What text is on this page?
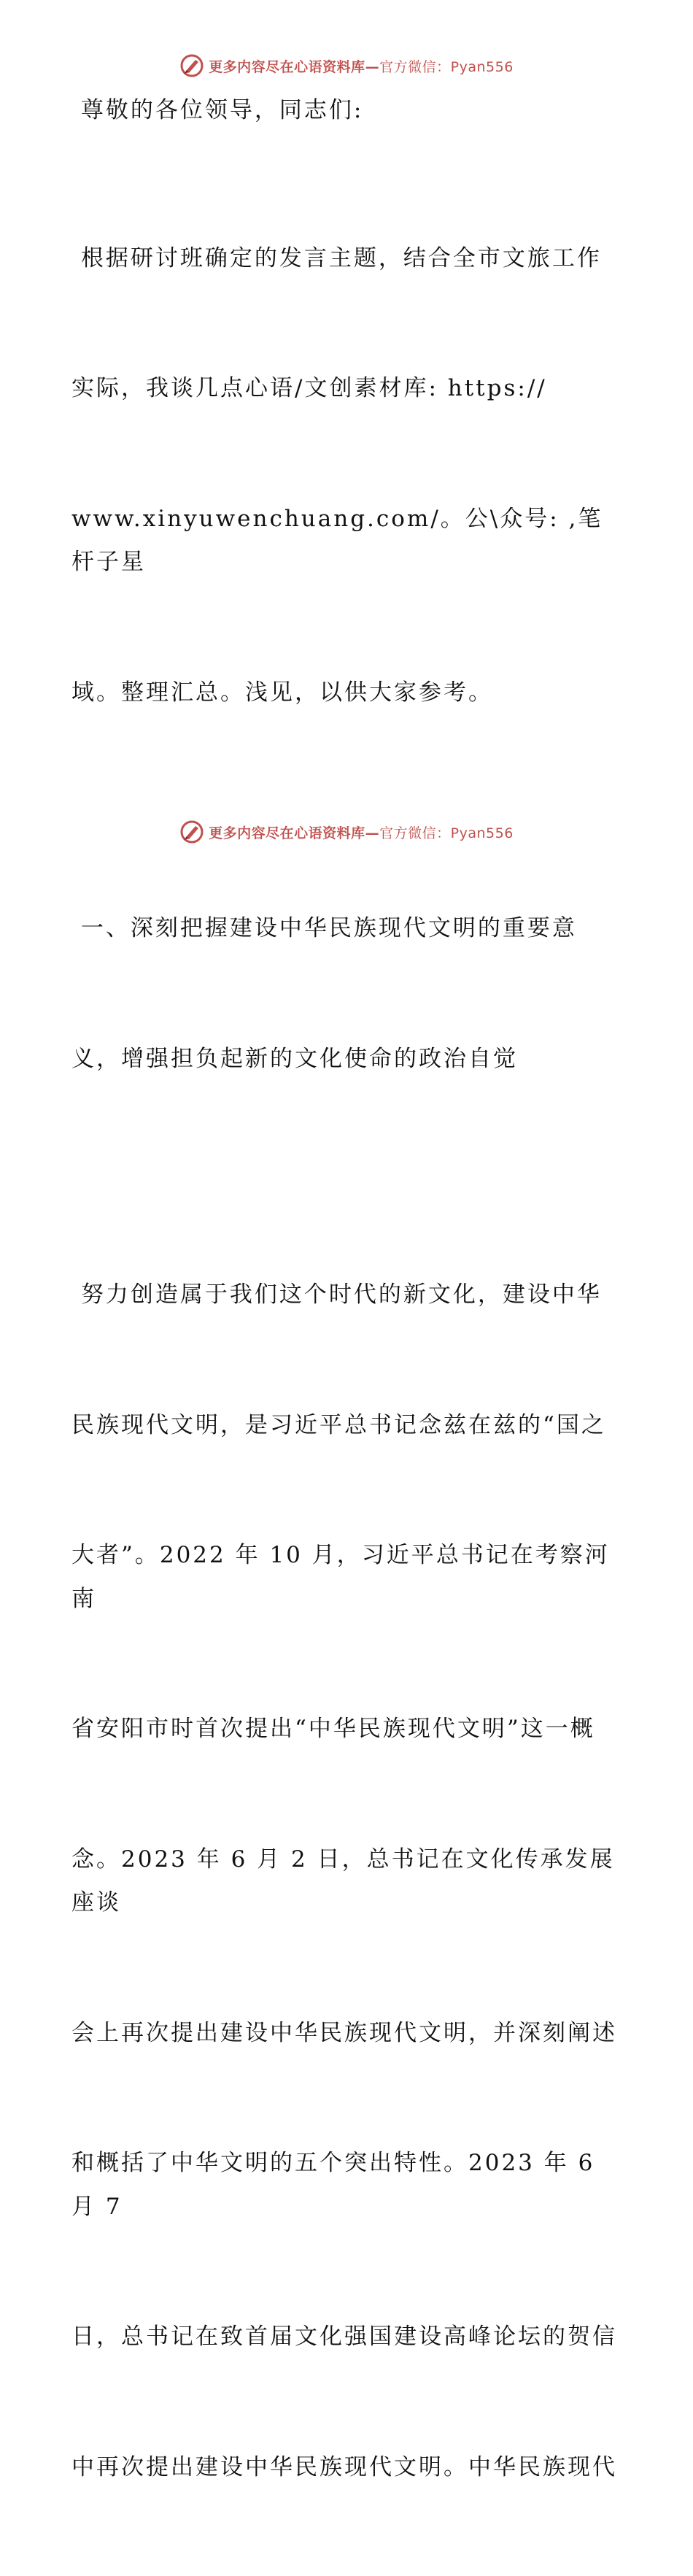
更多内容尽在心语资料库—官方微信：Pyan556

尊敬的各位领导，同志们:

根据研讨班确定的发言主题，结合全市文旅工作

实际，我谈几点心语/文创素材库: https://

www.xinyuwenchuang.com/。公\众号: ,笔杆子星

域。整理汇总。浅见，以供大家参考。

一、深刻把握建设中华民族现代文明的重要意

义，增强担负起新的文化使命的政治自觉

努力创造属于我们这个时代的新文化，建设中华

民族现代文明，是习近平总书记念兹在兹的“国之

大者”。2022 年 10 月，习近平总书记在考察河南

省安阳市时首次提出“中华民族现代文明”这一概

念。2023 年 6 月 2 日，总书记在文化传承发展座谈

会上再次提出建设中华民族现代文明，并深刻阐述

和概括了中华文明的五个突出特性。2023 年 6 月 7

日，总书记在致首届文化强国建设高峰论坛的贺信

中再次提出建设中华民族现代文明。中华民族现代

更多内容尽在心语资料库—官方微信：Pyan556
